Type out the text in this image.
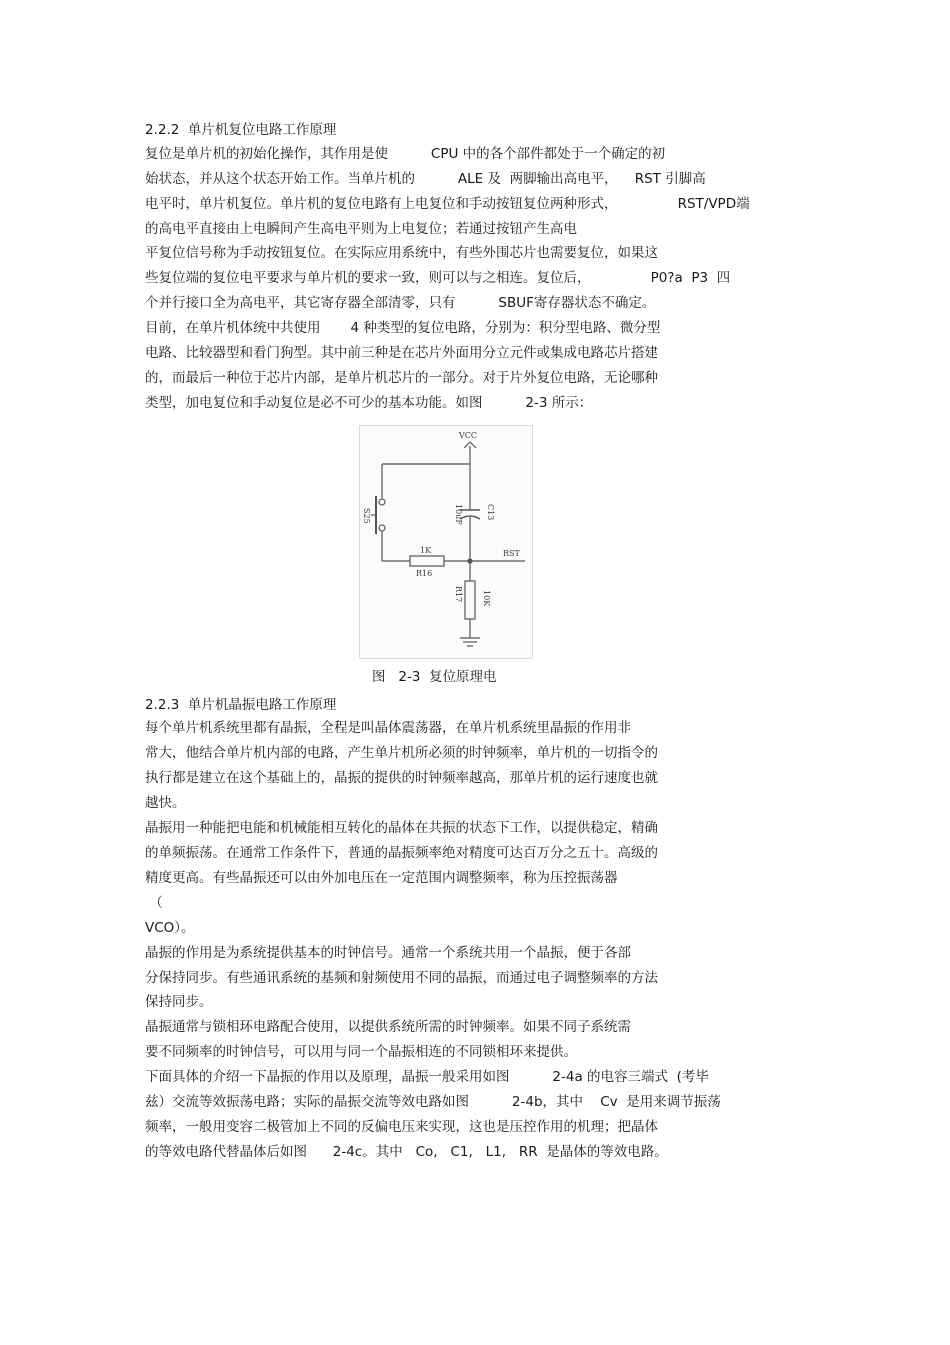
2.2.2  单片机复位电路工作原理
复位是单片机的初始化操作，其作用是使          CPU 中的各个部件都处于一个确定的初
始状态，并从这个状态开始工作。当单片机的          ALE 及  两脚输出高电平，    RST 引脚高
电平时，单片机复位。单片机的复位电路有上电复位和手动按钮复位两种形式，              RST/VPD端
的高电平直接由上电瞬间产生高电平则为上电复位；若通过按钮产生高电
平复位信号称为手动按钮复位。在实际应用系统中，有些外围芯片也需要复位，如果这
些复位端的复位电平要求与单片机的要求一致，则可以与之相连。复位后，              P0?a  P3  四
个并行接口全为高电平，其它寄存器全部清零，只有          SBUF寄存器状态不确定。
目前，在单片机体统中共使用       4 种类型的复位电路，分别为：积分型电路、微分型
电路、比较器型和看门狗型。其中前三种是在芯片外面用分立元件或集成电路芯片搭建
的，而最后一种位于芯片内部，是单片机芯片的一部分。对于片外复位电路，无论哪种
类型，加电复位和手动复位是必不可少的基本功能。如图          2-3 所示：
VCC
RST
1K
R16
S25	C13
10uF
R17 10K
图   2-3  复位原理电
2.2.3  单片机晶振电路工作原理
每个单片机系统里都有晶振，全程是叫晶体震荡器，在单片机系统里晶振的作用非
常大，他结合单片机内部的电路，产生单片机所必须的时钟频率，单片机的一切指令的
执行都是建立在这个基础上的，晶振的提供的时钟频率越高，那单片机的运行速度也就
越快。
晶振用一种能把电能和机械能相互转化的晶体在共振的状态下工作，以提供稳定，精确
的单频振荡。在通常工作条件下，普通的晶振频率绝对精度可达百万分之五十。高级的
精度更高。有些晶振还可以由外加电压在一定范围内调整频率，称为压控振荡器
（
VCO）。
晶振的作用是为系统提供基本的时钟信号。通常一个系统共用一个晶振，便于各部
分保持同步。有些通讯系统的基频和射频使用不同的晶振，而通过电子调整频率的方法
保持同步。
晶振通常与锁相环电路配合使用，以提供系统所需的时钟频率。如果不同子系统需
要不同频率的时钟信号，可以用与同一个晶振相连的不同锁相环来提供。
下面具体的介绍一下晶振的作用以及原理，晶振一般采用如图          2-4a 的电容三端式  (考毕
兹）交流等效振荡电路；实际的晶振交流等效电路如图          2-4b，其中    Cv  是用来调节振荡
频率，一般用变容二极管加上不同的反偏电压来实现，这也是压控作用的机理；把晶体
的等效电路代替晶体后如图      2-4c。其中   Co,   C1,   L1,   RR  是晶体的等效电路。
